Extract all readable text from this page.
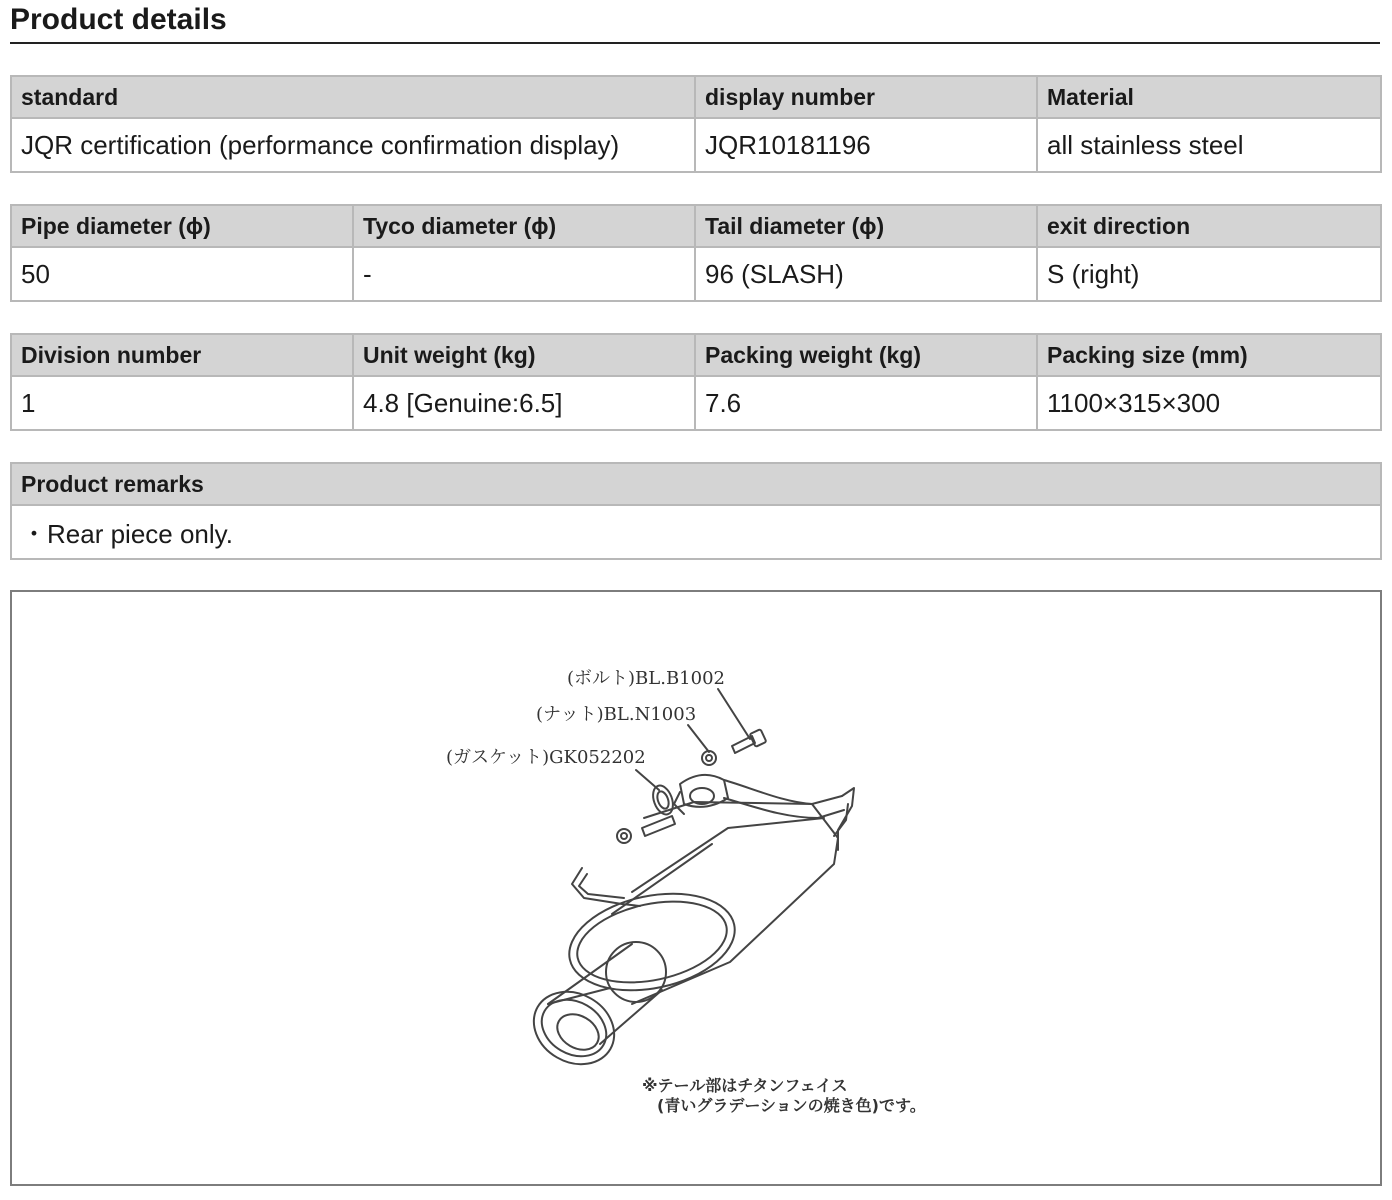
Product details
standard	display number	Material
JQR certification (performance confirmation display)	JQR10181196	all stainless steel
Pipe diameter (ϕ)	Tyco diameter (ϕ)	Tail diameter (ϕ)	exit direction
50	-	96 (SLASH)	S (right)
Division number	Unit weight (kg)	Packing weight (kg)	Packing size (mm)
1	4.8 [Genuine:6.5]	7.6	1100×315×300
Product remarks
・Rear piece only.
(ボルト)BL.B1002
(ナット)BL.N1003
(ガスケット)GK052202
※テール部はチタンフェイス
(青いグラデーションの焼き色)です。
